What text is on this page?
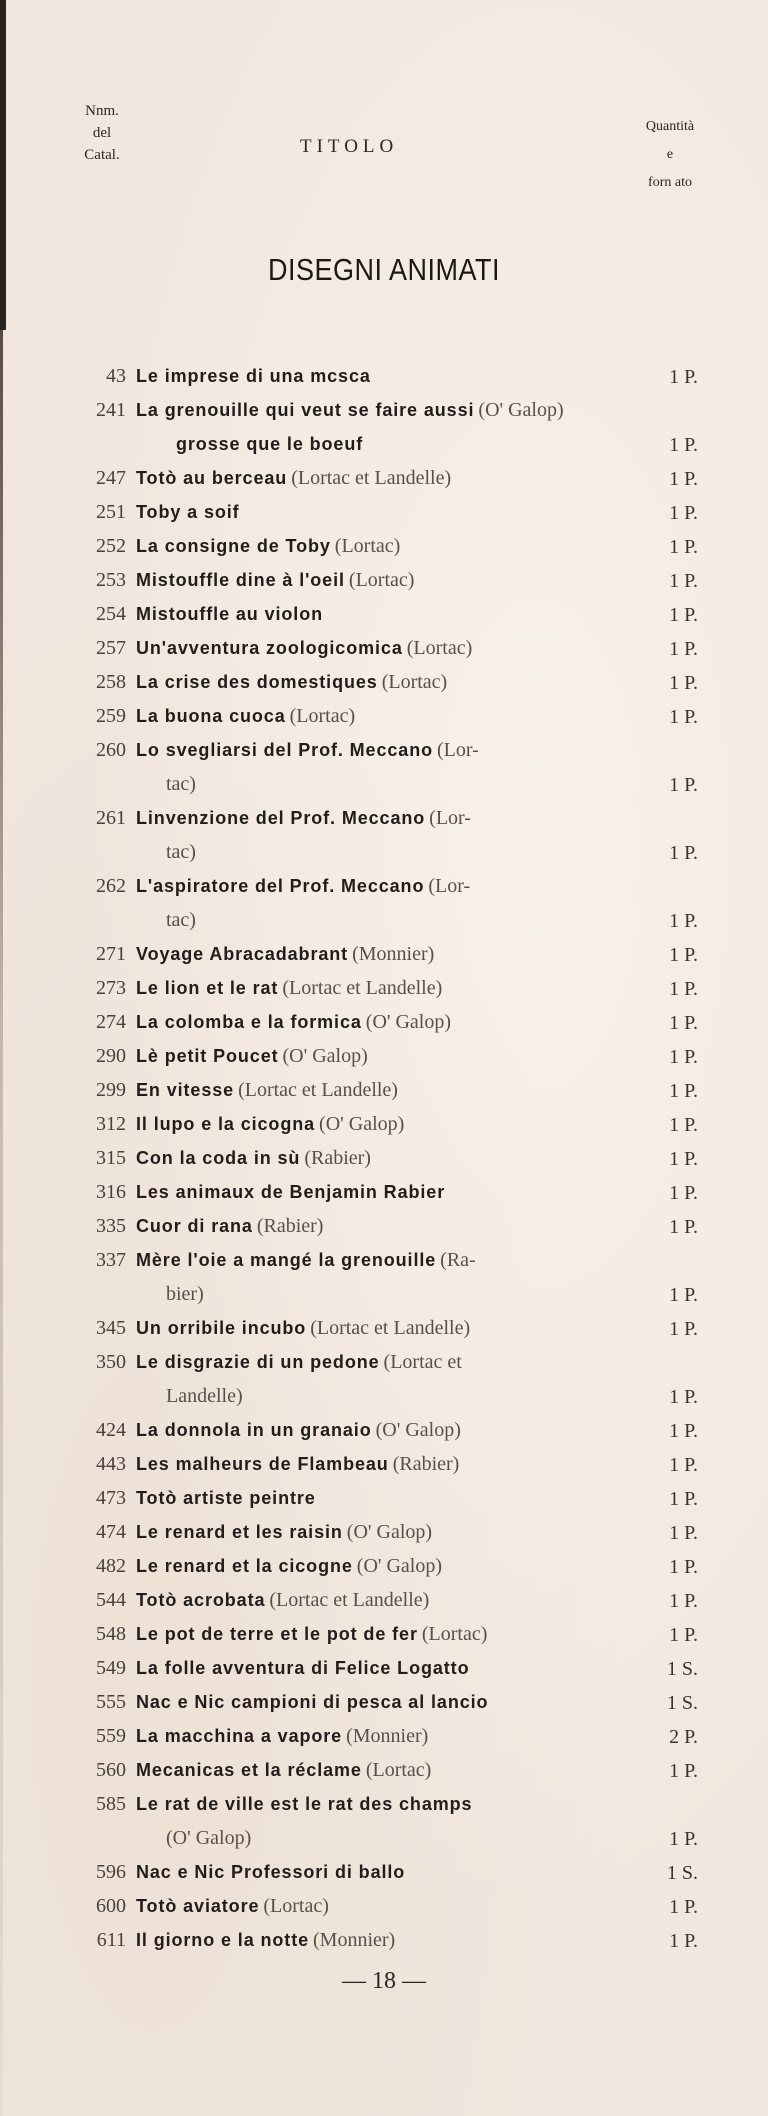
Nnm.
del
Catal.	TITOLO
Quantità
e
forn ato
DISEGNI ANIMATI
43 Le imprese di una mcsca	1 P.
241 La grenouille qui veut se faire aussi (O' Galop)
grosse que le boeuf	1 P.
247 Totò au berceau (Lortac et Landelle)	1 P.
251 Toby a soif	1 P.
252 La consigne de Toby (Lortac)	1 P.
253 Mistouffle dine à l'oeil (Lortac)	1 P.
254 Mistouffle au violon	1 P.
257 Un'avventura zoologicomica (Lortac)	1 P.
258 La crise des domestiques (Lortac)	1 P.
259 La buona cuoca (Lortac)	1 P.
260 Lo svegliarsi del Prof. Meccano (Lor-
tac)	1 P.
261 Linvenzione del Prof. Meccano (Lor-
tac)	1 P.
262 L'aspiratore del Prof. Meccano (Lor-
tac)	1 P.
271 Voyage Abracadabrant (Monnier)	1 P.
273 Le lion et le rat (Lortac et Landelle)	1 P.
274 La colomba e la formica (O' Galop)	1 P.
290 Lè petit Poucet (O' Galop)	1 P.
299 En vitesse (Lortac et Landelle)	1 P.
312 Il lupo e la cicogna (O' Galop)	1 P.
315 Con la coda in sù (Rabier)	1 P.
316 Les animaux de Benjamin Rabier	1 P.
335 Cuor di rana (Rabier)	1 P.
337 Mère l'oie a mangé la grenouille (Ra-
bier)	1 P.
345 Un orribile incubo (Lortac et Landelle)	1 P.
350 Le disgrazie di un pedone (Lortac et
Landelle)	1 P.
424 La donnola in un granaio (O' Galop)	1 P.
443 Les malheurs de Flambeau (Rabier)	1 P.
473 Totò artiste peintre	1 P.
474 Le renard et les raisin (O' Galop)	1 P.
482 Le renard et la cicogne (O' Galop)	1 P.
544 Totò acrobata (Lortac et Landelle)	1 P.
548 Le pot de terre et le pot de fer (Lortac)	1 P.
549 La folle avventura di Felice Logatto	1 S.
555 Nac e Nic campioni di pesca al lancio	1 S.
559 La macchina a vapore (Monnier)	2 P.
560 Mecanicas et la réclame (Lortac)	1 P.
585 Le rat de ville est le rat des champs
(O' Galop)	1 P.
596 Nac e Nic Professori di ballo	1 S.
600 Totò aviatore (Lortac)	1 P.
611 Il giorno e la notte (Monnier)	1 P.
— 18 —
